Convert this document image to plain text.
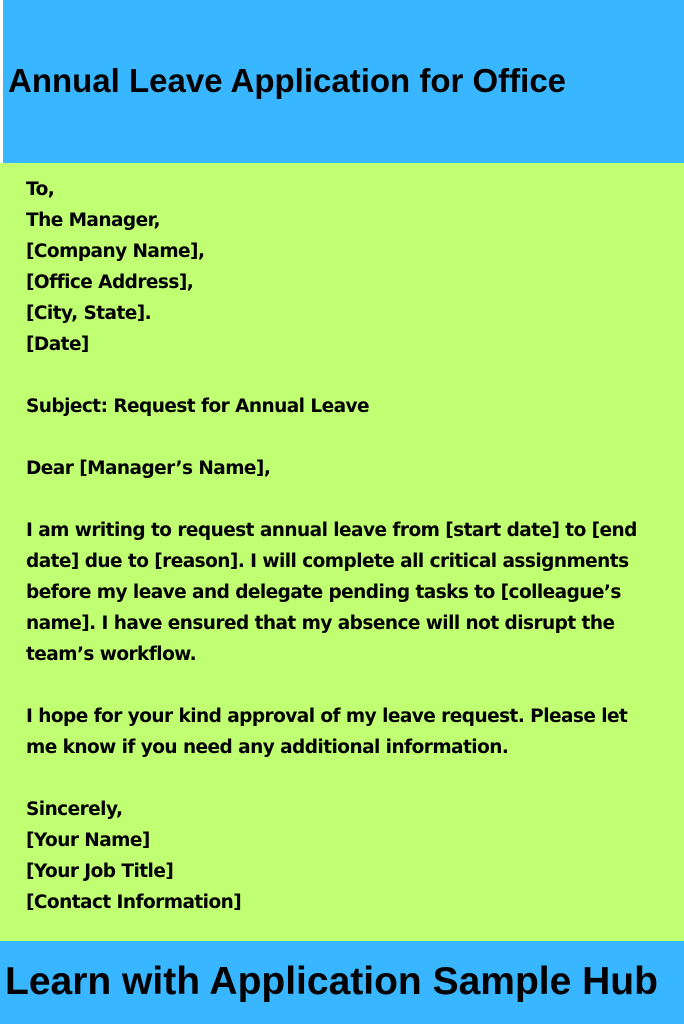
Annual Leave Application for Office
To,
The Manager,
[Company Name],
[Office Address],
[City, State].
[Date]
Subject: Request for Annual Leave
Dear [Manager’s Name],
I am writing to request annual leave from [start date] to [end
date] due to [reason]. I will complete all critical assignments
before my leave and delegate pending tasks to [colleague’s
name]. I have ensured that my absence will not disrupt the
team’s workflow.
I hope for your kind approval of my leave request. Please let
me know if you need any additional information.
Sincerely,
[Your Name]
[Your Job Title]
[Contact Information]

Learn with Application Sample Hub
